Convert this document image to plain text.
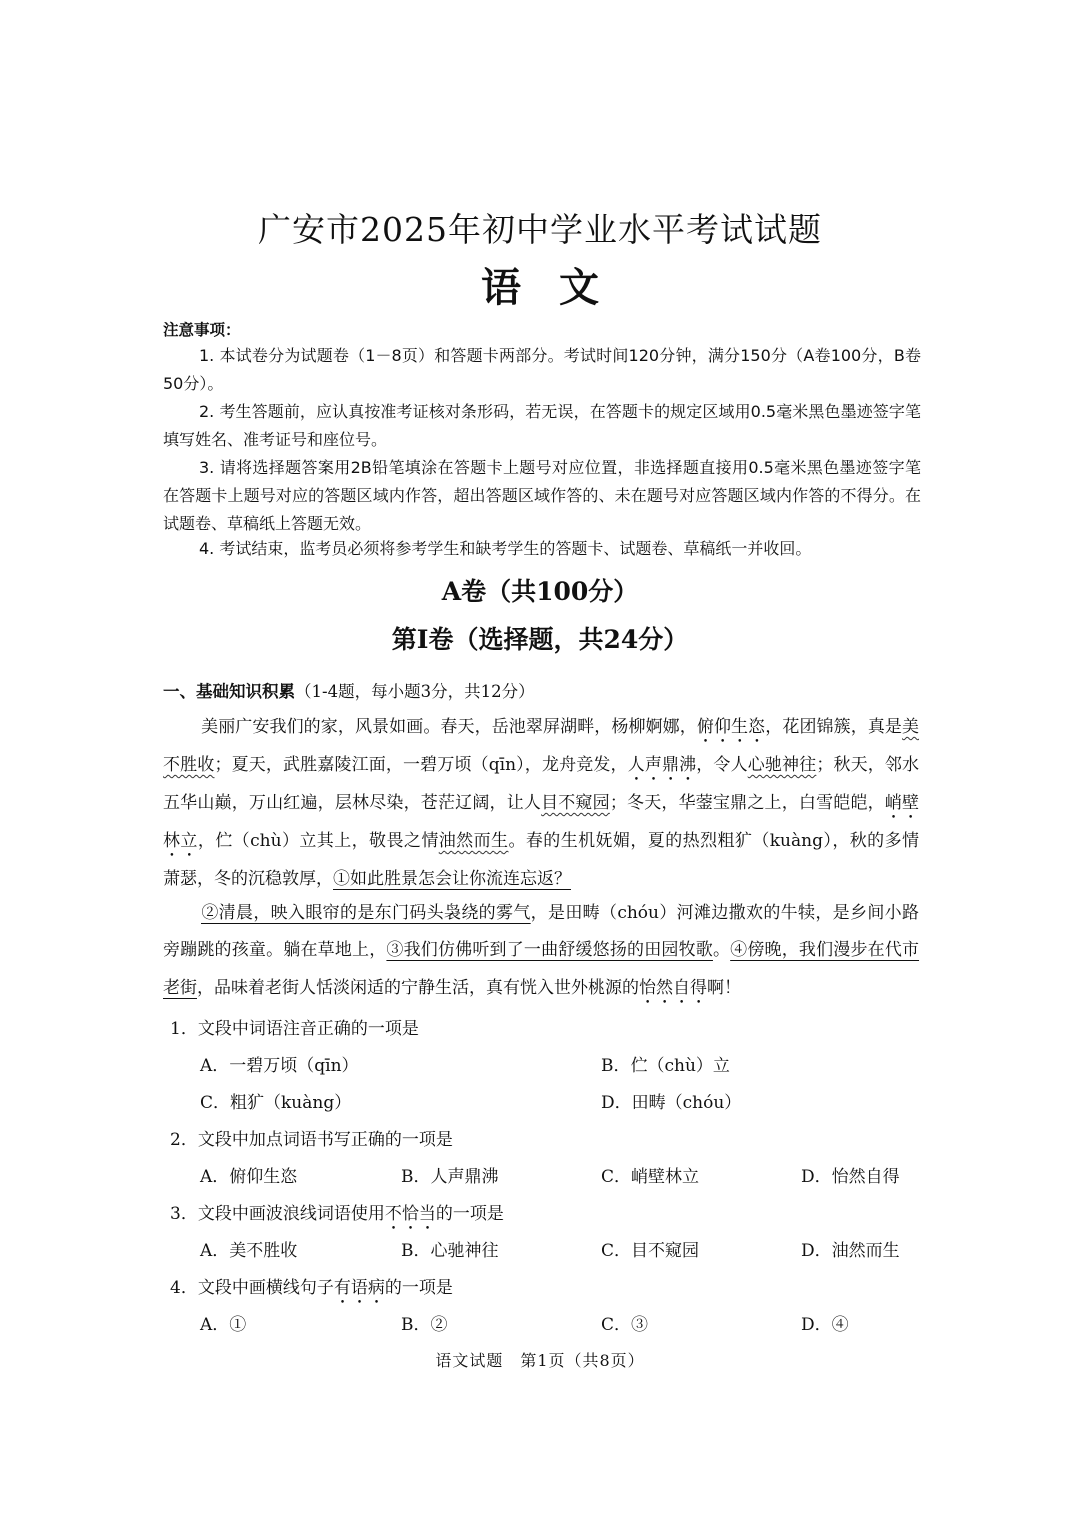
广安市2025年初中学业水平考试试题
语文
注意事项：
1. 本试卷分为试题卷（1－8页）和答题卡两部分。考试时间120分钟，满分150分（A卷100分，B卷50分）。
2. 考生答题前，应认真按准考证核对条形码，若无误，在答题卡的规定区域用0.5毫米黑色墨迹签字笔填写姓名、准考证号和座位号。
3. 请将选择题答案用2B铅笔填涂在答题卡上题号对应位置，非选择题直接用0.5毫米黑色墨迹签字笔在答题卡上题号对应的答题区域内作答，超出答题区域作答的、未在题号对应答题区域内作答的不得分。在试题卷、草稿纸上答题无效。
4. 考试结束，监考员必须将参考学生和缺考学生的答题卡、试题卷、草稿纸一并收回。
A卷（共100分）
第Ⅰ卷（选择题，共24分）
一、基础知识积累（1-4题，每小题3分，共12分）
美丽广安我们的家，风景如画。春天，岳池翠屏湖畔，杨柳婀娜，俯仰生恣，花团锦簇，真是美不胜收；夏天，武胜嘉陵江面，一碧万顷（qīn），龙舟竞发，人声鼎沸，令人心驰神往；秋天，邻水五华山巅，万山红遍，层林尽染，苍茫辽阔，让人目不窥园；冬天，华蓥宝鼎之上，白雪皑皑，峭壁林立，伫（chù）立其上，敬畏之情油然而生。春的生机妩媚，夏的热烈粗犷（kuàng），秋的多情萧瑟，冬的沉稳敦厚，①如此胜景怎会让你流连忘返？
②清晨，映入眼帘的是东门码头袅绕的雾气，是田畴（chóu）河滩边撒欢的牛犊，是乡间小路旁蹦跳的孩童。躺在草地上，③我们仿佛听到了一曲舒缓悠扬的田园牧歌。④傍晚，我们漫步在代市老街，品味着老街人恬淡闲适的宁静生活，真有恍入世外桃源的怡然自得啊！
1．文段中词语注音正确的一项是
A．一碧万顷（qīn）	B．伫（chù）立
C．粗犷（kuàng）	D．田畴（chóu）
2．文段中加点词语书写正确的一项是
A．俯仰生恣	B．人声鼎沸	C．峭壁林立	D．怡然自得
3．文段中画波浪线词语使用不恰当的一项是
A．美不胜收	B．心驰神往	C．目不窥园	D．油然而生
4．文段中画横线句子有语病的一项是
A．①	B．②	C．③	D．④
语文试题　第1页（共8页）
